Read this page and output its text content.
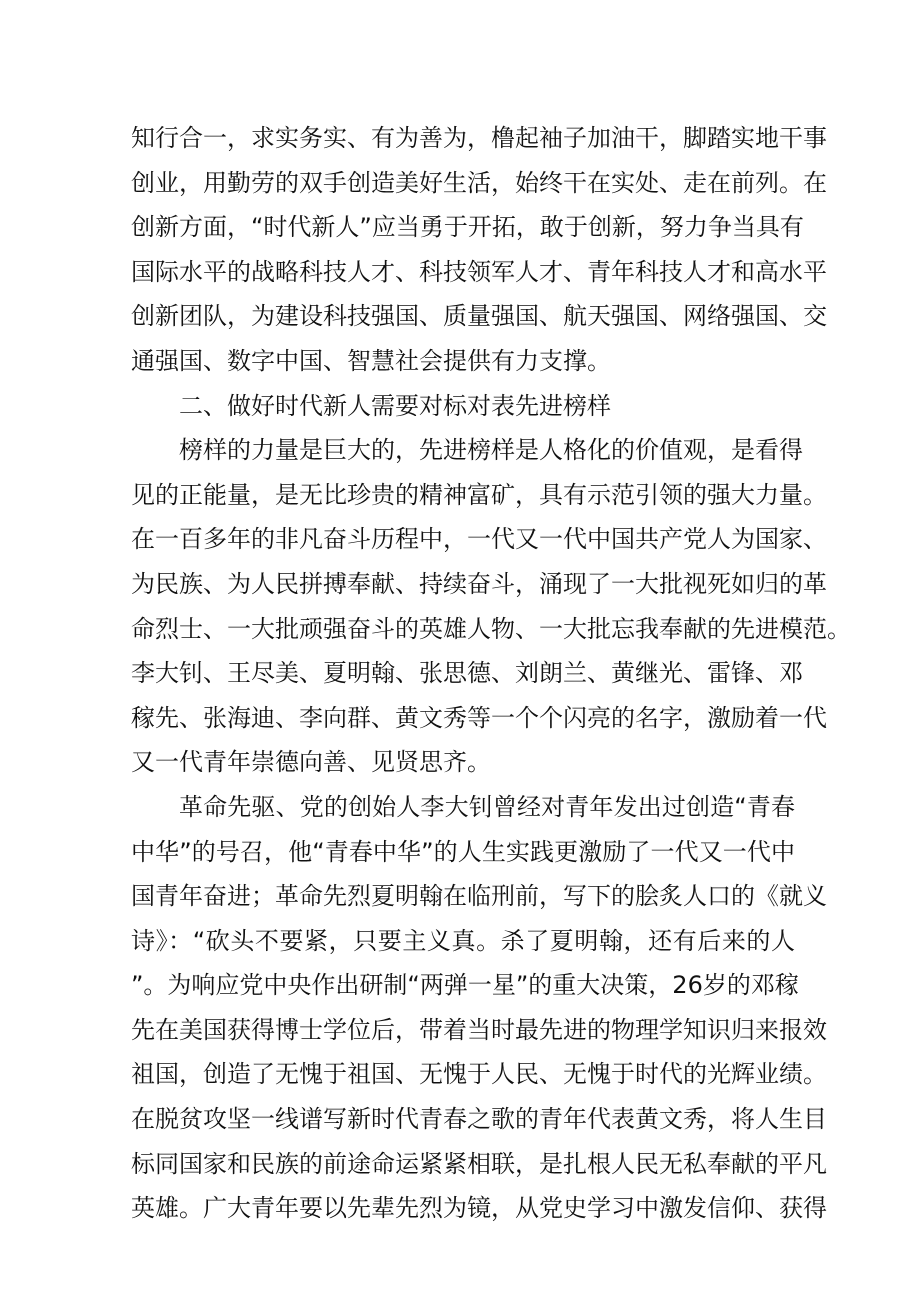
知行合一，求实务实、有为善为，橹起袖子加油干，脚踏实地干事
创业，用勤劳的双手创造美好生活，始终干在实处、走在前列。在
创新方面，“时代新人”应当勇于开拓，敢于创新，努力争当具有
国际水平的战略科技人才、科技领军人才、青年科技人才和高水平
创新团队，为建设科技强国、质量强国、航天强国、网络强国、交
通强国、数字中国、智慧社会提供有力支撑。
二、做好时代新人需要对标对表先进榜样
榜样的力量是巨大的，先进榜样是人格化的价值观，是看得
见的正能量，是无比珍贵的精神富矿，具有示范引领的强大力量。
在一百多年的非凡奋斗历程中，一代又一代中国共产党人为国家、
为民族、为人民拼搏奉献、持续奋斗，涌现了一大批视死如归的革
命烈士、一大批顽强奋斗的英雄人物、一大批忘我奉献的先进模范。
李大钊、王尽美、夏明翰、张思德、刘朗兰、黄继光、雷锋、邓
稼先、张海迪、李向群、黄文秀等一个个闪亮的名字，激励着一代
又一代青年崇德向善、见贤思齐。
革命先驱、党的创始人李大钊曾经对青年发出过创造“青春
中华”的号召，他“青春中华”的人生实践更激励了一代又一代中
国青年奋进；革命先烈夏明翰在临刑前，写下的脍炙人口的《就义
诗》：“砍头不要紧，只要主义真。杀了夏明翰，还有后来的人
”。为响应党中央作出研制“两弹一星”的重大决策，26岁的邓稼
先在美国获得博士学位后，带着当时最先进的物理学知识归来报效
祖国，创造了无愧于祖国、无愧于人民、无愧于时代的光辉业绩。
在脱贫攻坚一线谱写新时代青春之歌的青年代表黄文秀，将人生目
标同国家和民族的前途命运紧紧相联，是扎根人民无私奉献的平凡
英雄。广大青年要以先辈先烈为镜，从党史学习中激发信仰、获得
